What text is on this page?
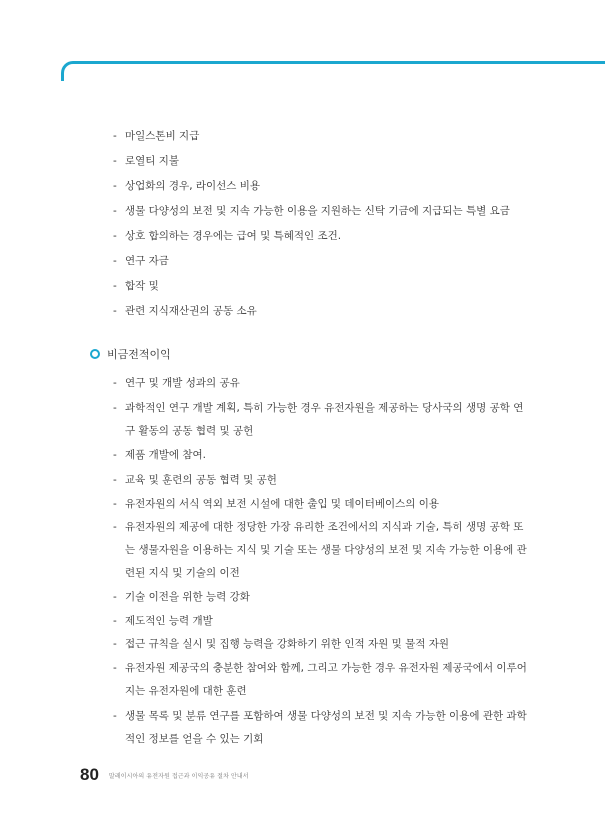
- 마일스톤비 지급
- 로열티 지불
- 상업화의 경우, 라이선스 비용
- 생물 다양성의 보전 및 지속 가능한 이용을 지원하는 신탁 기금에 지급되는 특별 요금
- 상호 합의하는 경우에는 급여 및 특혜적인 조건.
- 연구 자금
- 합작 및
- 관련 지식재산권의 공동 소유
비금전적이익
- 연구 및 개발 성과의 공유
- 과학적인 연구 개발 계획, 특히 가능한 경우 유전자원을 제공하는 당사국의 생명 공학 연구 활동의 공동 협력 및 공헌
- 제품 개발에 참여.
- 교육 및 훈련의 공동 협력 및 공헌
- 유전자원의 서식 역외 보전 시설에 대한 출입 및 데이터베이스의 이용
- 유전자원의 제공에 대한 정당한 가장 유리한 조건에서의 지식과 기술, 특히 생명 공학 또는 생물자원을 이용하는 지식 및 기술 또는 생물 다양성의 보전 및 지속 가능한 이용에 관련된 지식 및 기술의 이전
- 기술 이전을 위한 능력 강화
- 제도적인 능력 개발
- 접근 규칙을 실시 및 집행 능력을 강화하기 위한 인적 자원 및 물적 자원
- 유전자원 제공국의 충분한 참여와 함께, 그리고 가능한 경우 유전자원 제공국에서 이루어지는 유전자원에 대한 훈련
- 생물 목록 및 분류 연구를 포함하여 생물 다양성의 보전 및 지속 가능한 이용에 관한 과학적인 정보를 얻을 수 있는 기회
80 말레이시아의 유전자원 접근과 이익공유 절차 안내서
